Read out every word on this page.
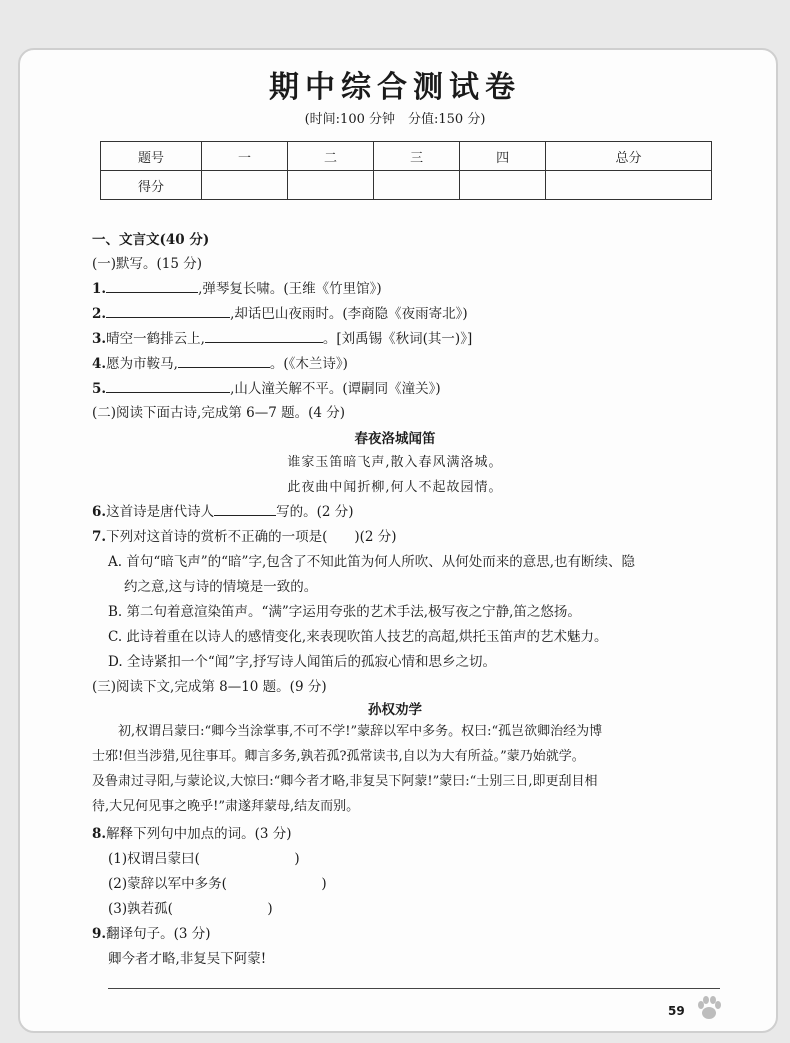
期中综合测试卷
(时间:100 分钟　分值:150 分)
题号	一	二	三	四	总分
得分					
一、文言文(40 分)
(一)默写。(15 分)
1.	,弹琴复长啸。(王维《竹里馆》)
2.	,却话巴山夜雨时。(李商隐《夜雨寄北》)
3.晴空一鹤排云上,	。[刘禹锡《秋词(其一)》]
4.愿为市鞍马,	。(《木兰诗》)
5.	,山人潼关解不平。(谭嗣同《潼关》)
(二)阅读下面古诗,完成第 6—7 题。(4 分)
春夜洛城闻笛
谁家玉笛暗飞声,散入春风满洛城。
此夜曲中闻折柳,何人不起故园情。
6.这首诗是唐代诗人	写的。(2 分)
7.下列对这首诗的赏析不正确的一项是(　　)(2 分)
A. 首句“暗飞声”的“暗”字,包含了不知此笛为何人所吹、从何处而来的意思,也有断续、隐
约之意,这与诗的情境是一致的。
B. 第二句着意渲染笛声。“满”字运用夸张的艺术手法,极写夜之宁静,笛之悠扬。
C. 此诗着重在以诗人的感情变化,来表现吹笛人技艺的高超,烘托玉笛声的艺术魅力。
D. 全诗紧扣一个“闻”字,抒写诗人闻笛后的孤寂心情和思乡之切。
(三)阅读下文,完成第 8—10 题。(9 分)
孙权劝学
初,权谓吕蒙曰:“卿今当涂掌事,不可不学!”蒙辞以军中多务。权曰:“孤岂欲卿治经为博
士邪!但当涉猎,见往事耳。卿言多务,孰若孤?孤常读书,自以为大有所益。”蒙乃始就学。
及鲁肃过寻阳,与蒙论议,大惊曰:“卿今者才略,非复吴下阿蒙!”蒙曰:“士别三日,即更刮目相
待,大兄何见事之晚乎!”肃遂拜蒙母,结友而别。
8.解释下列句中加点的词。(3 分)
(1)权谓吕蒙曰(　　　　　　　)
(2)蒙辞以军中多务(　　　　　　　)
(3)孰若孤(　　　　　　　)
9.翻译句子。(3 分)
卿今者才略,非复吴下阿蒙!
59
